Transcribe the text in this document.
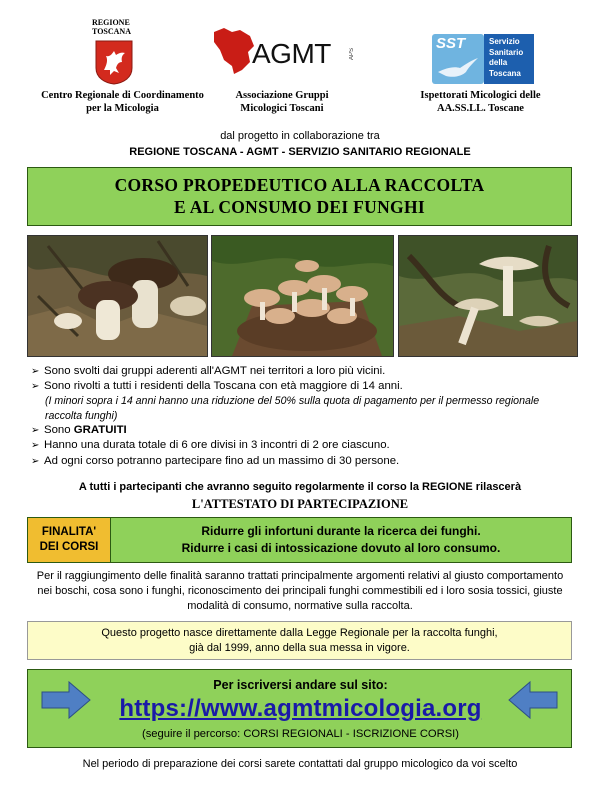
REGIONE TOSCANA
Centro Regionale di Coordinamento
per la Micologia
AGMT	APS
Associazione Gruppi
Micologici Toscani
SST	Servizio
Sanitario
della
Toscana
Ispettorati Micologici delle
AA.SS.LL. Toscane
dal progetto in collaborazione tra
REGIONE TOSCANA - AGMT - SERVIZIO SANITARIO REGIONALE
CORSO PROPEDEUTICO ALLA RACCOLTA
E AL CONSUMO DEI FUNGHI
➢ Sono svolti dai gruppi aderenti all'AGMT nei territori a loro più vicini.
➢ Sono rivolti a tutti i residenti della Toscana con età maggiore di 14 anni.
(I minori sopra i 14 anni hanno una riduzione del 50% sulla quota di pagamento per il permesso regionale raccolta funghi)
➢ Sono GRATUITI
➢ Hanno una durata totale di 6 ore divisi in 3 incontri di 2 ore ciascuno.
➢ Ad ogni corso potranno partecipare fino ad un massimo di 30 persone.
A tutti i partecipanti che avranno seguito regolarmente il corso la REGIONE rilascerà
L'ATTESTATO DI PARTECIPAZIONE
FINALITA'
DEI CORSI
Ridurre gli infortuni durante la ricerca dei funghi.
Ridurre i casi di intossicazione dovuto al loro consumo.
Per il raggiungimento delle finalità saranno trattati principalmente argomenti relativi al giusto comportamento nei boschi, cosa sono i funghi, riconoscimento dei principali funghi commestibili ed i loro sosia tossici, giuste modalità di consumo, normative sulla raccolta.
Questo progetto nasce direttamente dalla Legge Regionale per la raccolta funghi,
già dal 1999, anno della sua messa in vigore.
Per iscriversi andare sul sito:
https://www.agmtmicologia.org
(seguire il percorso: CORSI REGIONALI - ISCRIZIONE CORSI)
Nel periodo di preparazione dei corsi sarete contattati dal gruppo micologico da voi scelto
